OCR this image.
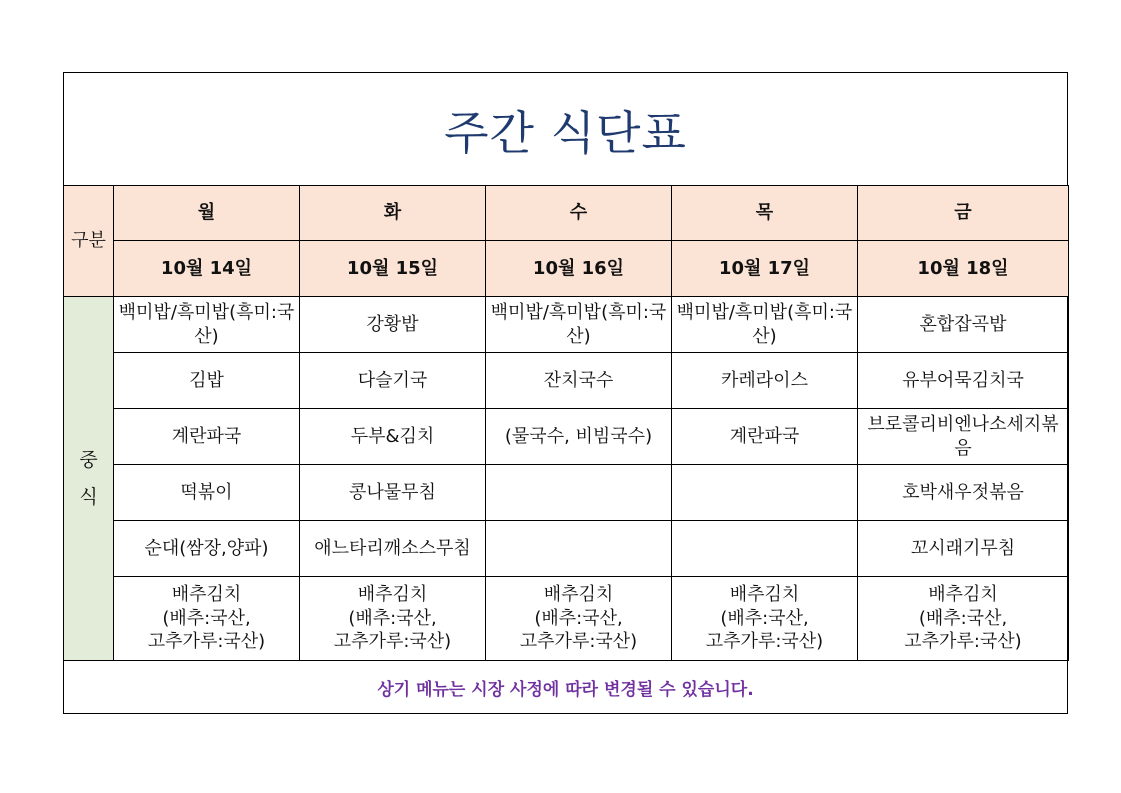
주간 식단표
구분	월	화	수	목	금
	10월 14일	10월 15일	10월 16일	10월 17일	10월 18일
중
식	백미밥/흑미밥(흑미:국산)	강황밥	백미밥/흑미밥(흑미:국산)	백미밥/흑미밥(흑미:국산)	혼합잡곡밥

	김밥	다슬기국	잔치국수	카레라이스	유부어묵김치국

	계란파국	두부&김치	(물국수, 비빔국수)	계란파국	브로콜리비엔나소세지볶음

	떡볶이	콩나물무침			호박새우젓볶음

	순대(쌈장,양파)	애느타리깨소스무침			꼬시래기무침

	배추김치
(배추:국산,
고추가루:국산)	배추김치
(배추:국산,
고추가루:국산)	배추김치
(배추:국산,
고추가루:국산)	배추김치
(배추:국산,
고추가루:국산)	배추김치
(배추:국산,
고추가루:국산)
상기 메뉴는 시장 사정에 따라 변경될 수 있습니다.
